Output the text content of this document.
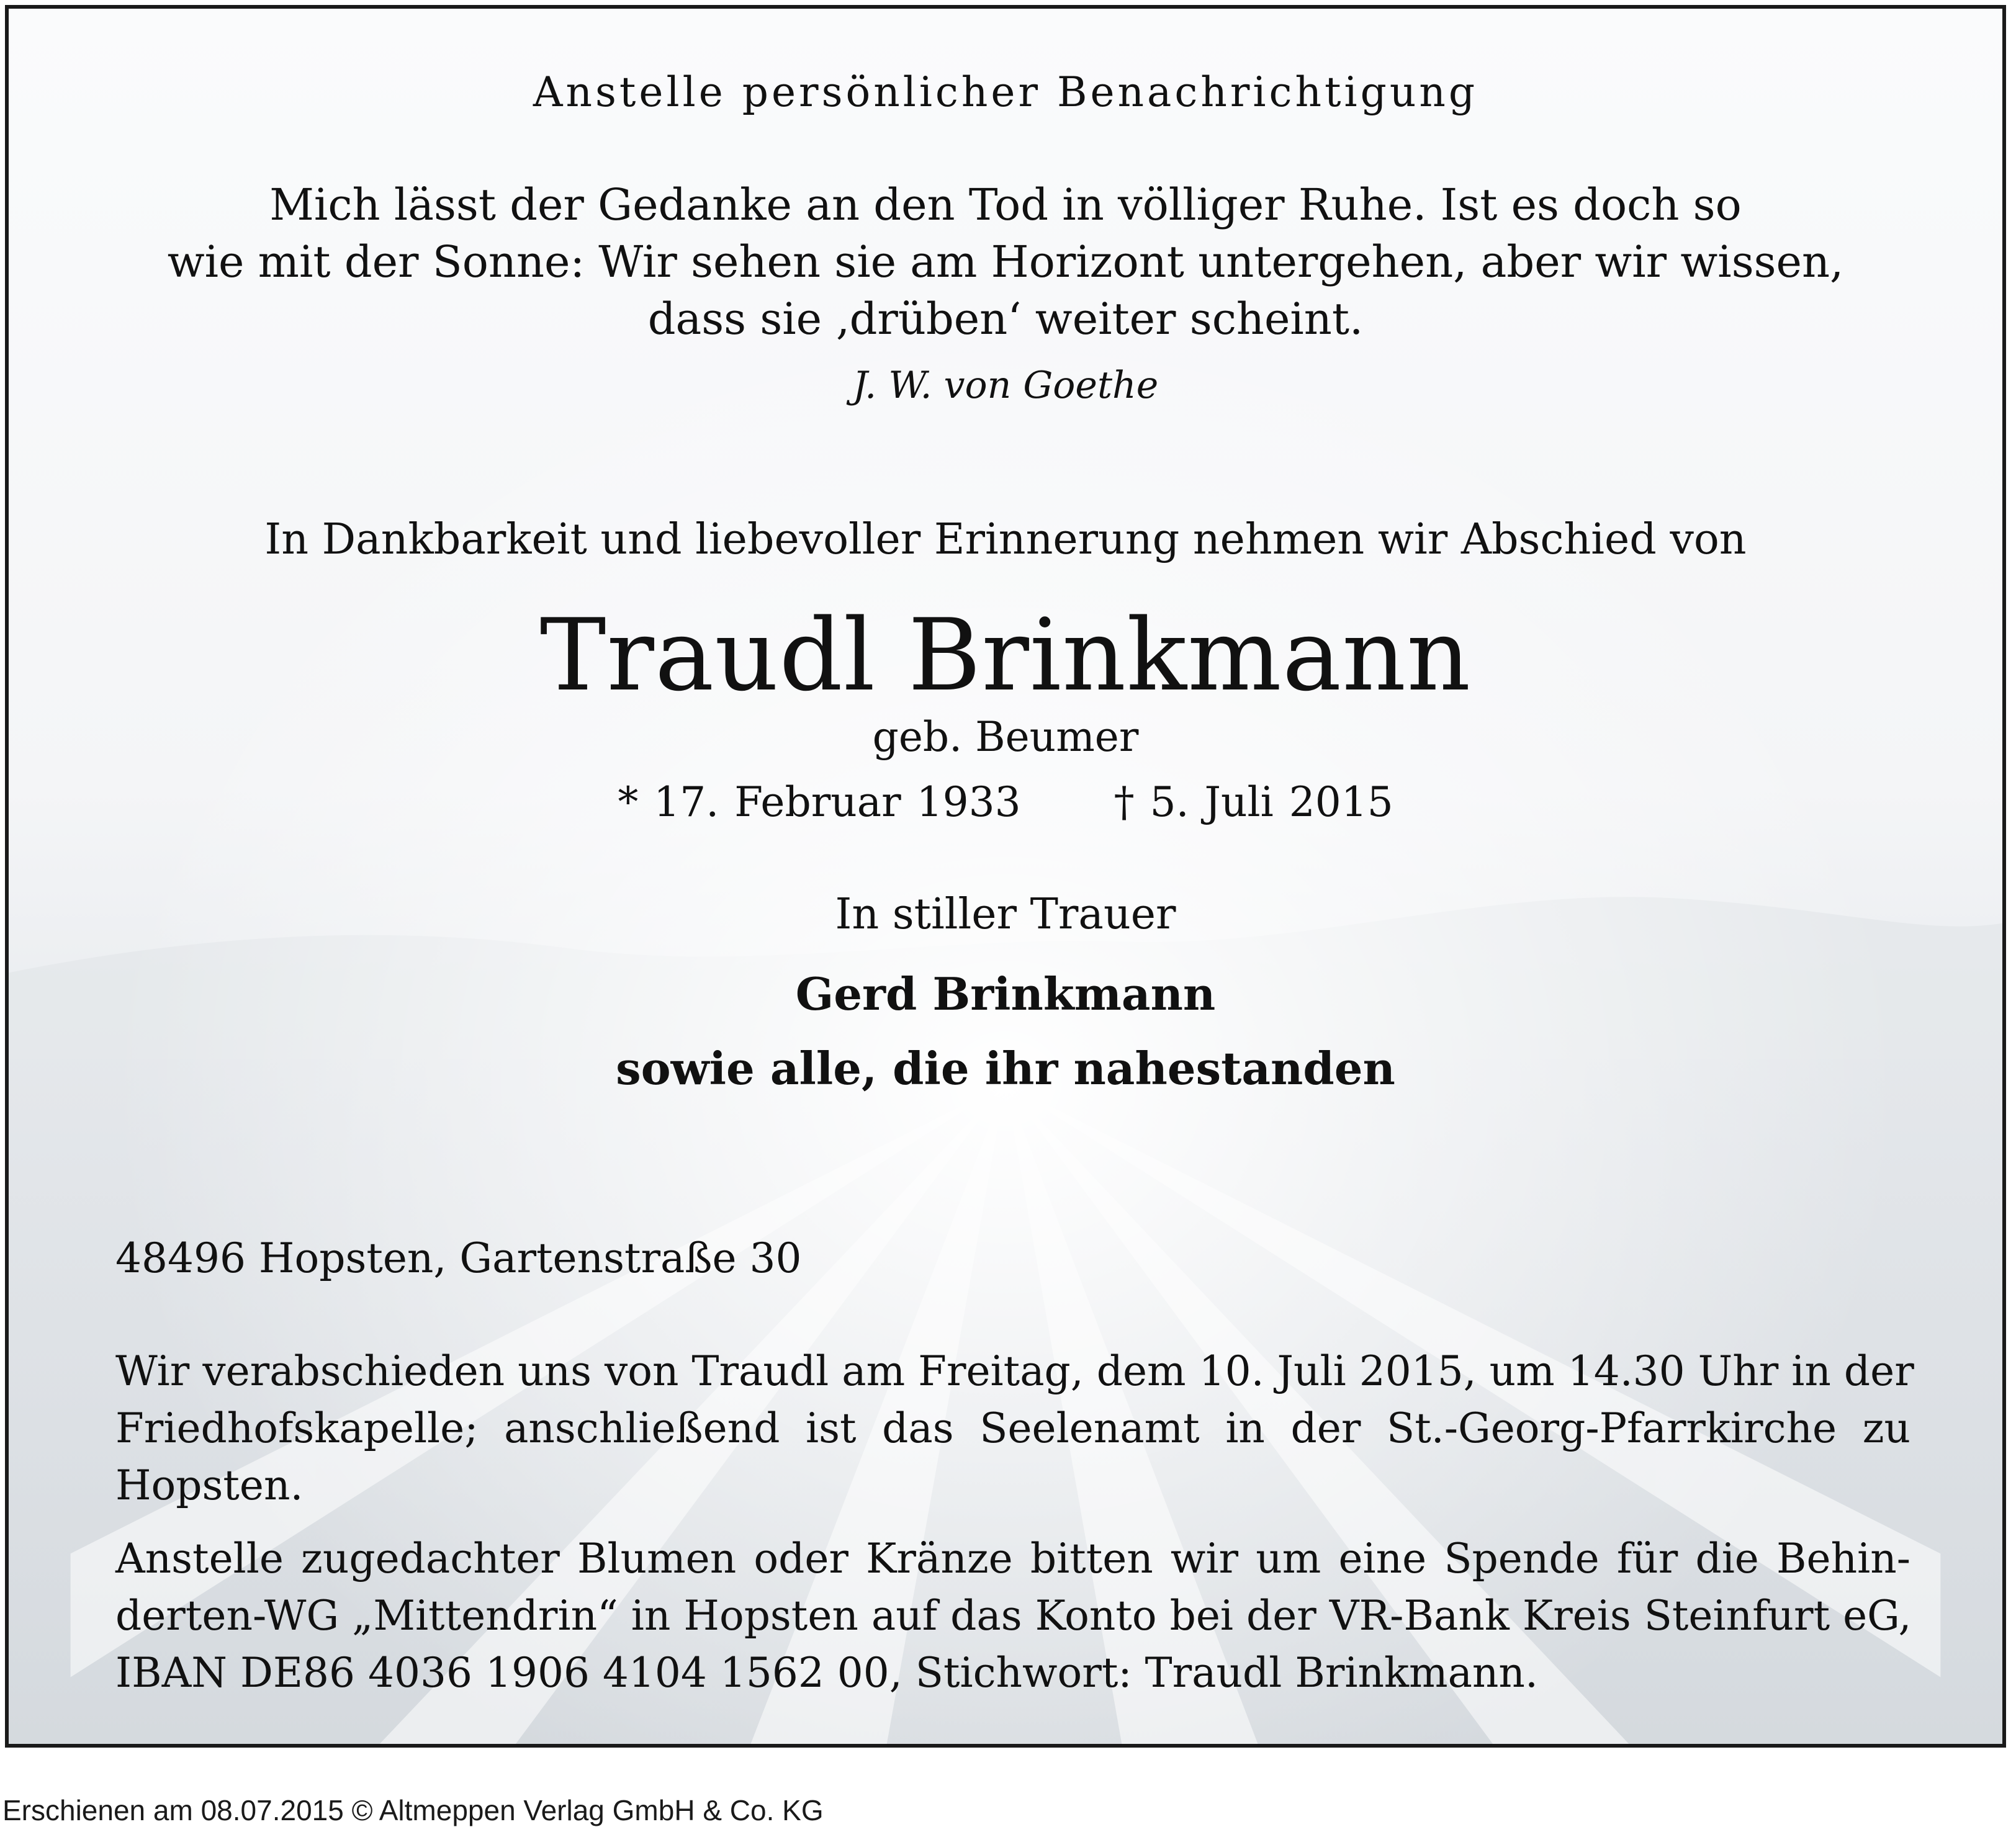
Anstelle persönlicher Benachrichtigung
Mich lässt der Gedanke an den Tod in völliger Ruhe. Ist es doch so
wie mit der Sonne: Wir sehen sie am Horizont untergehen, aber wir wissen,
dass sie ‚drüben‘ weiter scheint.
J. W. von Goethe
In Dankbarkeit und liebevoller Erinnerung nehmen wir Abschied von
Traudl Brinkmann
geb. Beumer
* 17. Februar 1933 † 5. Juli 2015
In stiller Trauer
Gerd Brinkmann
sowie alle, die ihr nahestanden
48496 Hopsten, Gartenstraße 30
Wir verabschieden uns von Traudl am Freitag, dem 10. Juli 2015, um 14.30 Uhr in der
Friedhofskapelle; anschließend ist das Seelenamt in der St.-Georg-Pfarrkirche zu
Hopsten.
Anstelle zugedachter Blumen oder Kränze bitten wir um eine Spende für die Behin-
derten-WG „Mittendrin“ in Hopsten auf das Konto bei der VR-Bank Kreis Steinfurt eG,
IBAN DE86 4036 1906 4104 1562 00, Stichwort: Traudl Brinkmann.
Erschienen am 08.07.2015 © Altmeppen Verlag GmbH & Co. KG
